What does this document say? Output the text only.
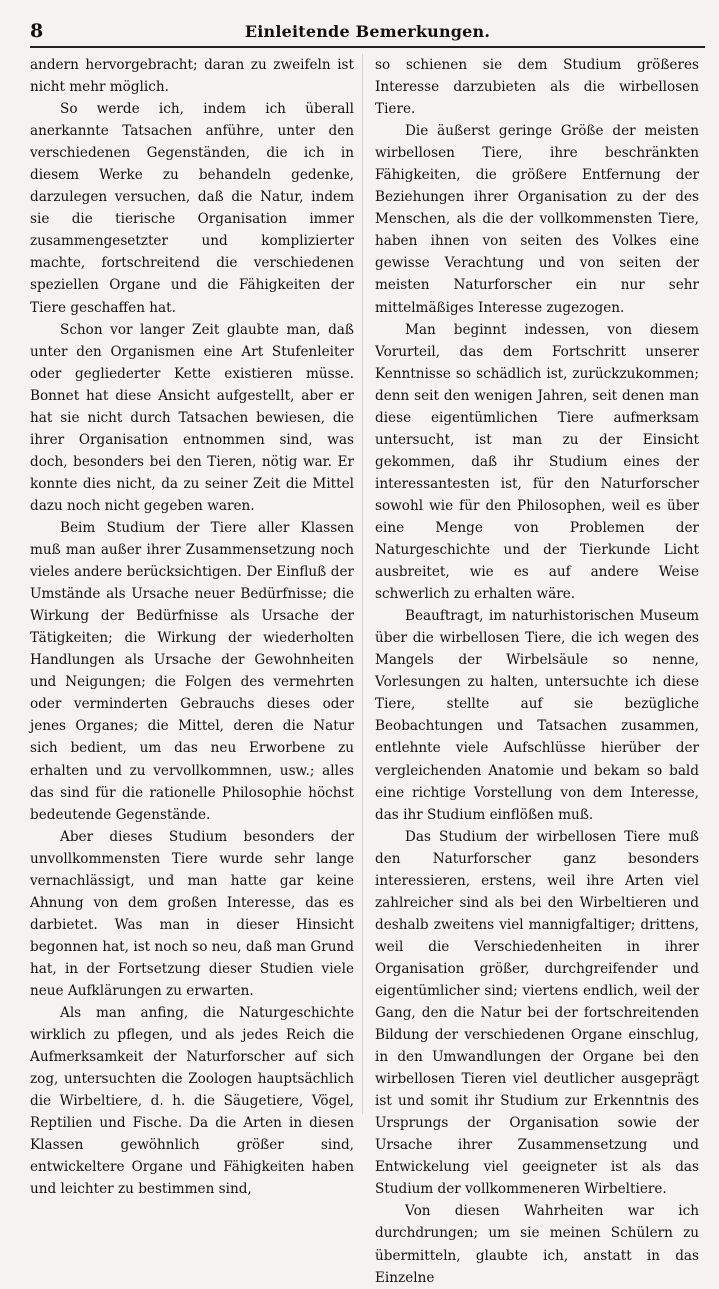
8	Einleitende Bemerkungen.

andern hervorgebracht; daran zu zweifeln ist nicht mehr möglich.

So werde ich, indem ich überall anerkannte Tatsachen anführe, unter den verschiedenen Gegenständen, die ich in diesem Werke zu behandeln gedenke, darzulegen versuchen, daß die Natur, indem sie die tierische Organisation immer zusammengesetzter und komplizierter machte, fortschreitend die verschiedenen speziellen Organe und die Fähigkeiten der Tiere geschaffen hat.

Schon vor langer Zeit glaubte man, daß unter den Organismen eine Art Stufenleiter oder gegliederter Kette existieren müsse. Bonnet hat diese Ansicht aufgestellt, aber er hat sie nicht durch Tatsachen bewiesen, die ihrer Organisation entnommen sind, was doch, besonders bei den Tieren, nötig war. Er konnte dies nicht, da zu seiner Zeit die Mittel dazu noch nicht gegeben waren.

Beim Studium der Tiere aller Klassen muß man außer ihrer Zusammensetzung noch vieles andere berücksichtigen. Der Einfluß der Umstände als Ursache neuer Bedürfnisse; die Wirkung der Bedürfnisse als Ursache der Tätigkeiten; die Wirkung der wiederholten Handlungen als Ursache der Gewohnheiten und Neigungen; die Folgen des vermehrten oder verminderten Gebrauchs dieses oder jenes Organes; die Mittel, deren die Natur sich bedient, um das neu Erworbene zu erhalten und zu vervollkommnen, usw.; alles das sind für die rationelle Philosophie höchst bedeutende Gegenstände.

Aber dieses Studium besonders der unvollkommensten Tiere wurde sehr lange vernachlässigt, und man hatte gar keine Ahnung von dem großen Interesse, das es darbietet. Was man in dieser Hinsicht begonnen hat, ist noch so neu, daß man Grund hat, in der Fortsetzung dieser Studien viele neue Aufklärungen zu erwarten.

Als man anfing, die Naturgeschichte wirklich zu pflegen, und als jedes Reich die Aufmerksamkeit der Naturforscher auf sich zog, untersuchten die Zoologen hauptsächlich die Wirbeltiere, d. h. die Säugetiere, Vögel, Reptilien und Fische. Da die Arten in diesen Klassen gewöhnlich größer sind, entwickeltere Organe und Fähigkeiten haben und leichter zu bestimmen sind,

so schienen sie dem Studium größeres Interesse darzubieten als die wirbellosen Tiere.

Die äußerst geringe Größe der meisten wirbellosen Tiere, ihre beschränkten Fähigkeiten, die größere Entfernung der Beziehungen ihrer Organisation zu der des Menschen, als die der vollkommensten Tiere, haben ihnen von seiten des Volkes eine gewisse Verachtung und von seiten der meisten Naturforscher ein nur sehr mittelmäßiges Interesse zugezogen.

Man beginnt indessen, von diesem Vorurteil, das dem Fortschritt unserer Kenntnisse so schädlich ist, zurückzukommen; denn seit den wenigen Jahren, seit denen man diese eigentümlichen Tiere aufmerksam untersucht, ist man zu der Einsicht gekommen, daß ihr Studium eines der interessantesten ist, für den Naturforscher sowohl wie für den Philosophen, weil es über eine Menge von Problemen der Naturgeschichte und der Tierkunde Licht ausbreitet, wie es auf andere Weise schwerlich zu erhalten wäre.

Beauftragt, im naturhistorischen Museum über die wirbellosen Tiere, die ich wegen des Mangels der Wirbelsäule so nenne, Vorlesungen zu halten, untersuchte ich diese Tiere, stellte auf sie bezügliche Beobachtungen und Tatsachen zusammen, entlehnte viele Aufschlüsse hierüber der vergleichenden Anatomie und bekam so bald eine richtige Vorstellung von dem Interesse, das ihr Studium einflößen muß.

Das Studium der wirbellosen Tiere muß den Naturforscher ganz besonders interessieren, erstens, weil ihre Arten viel zahlreicher sind als bei den Wirbeltieren und deshalb zweitens viel mannigfaltiger; drittens, weil die Verschiedenheiten in ihrer Organisation größer, durchgreifender und eigentümlicher sind; viertens endlich, weil der Gang, den die Natur bei der fortschreitenden Bildung der verschiedenen Organe einschlug, in den Umwandlungen der Organe bei den wirbellosen Tieren viel deutlicher ausgeprägt ist und somit ihr Studium zur Erkenntnis des Ursprungs der Organisation sowie der Ursache ihrer Zusammensetzung und Entwickelung viel geeigneter ist als das Studium der vollkommeneren Wirbeltiere.

Von diesen Wahrheiten war ich durchdrungen; um sie meinen Schülern zu übermitteln, glaubte ich, anstatt in das Einzelne
